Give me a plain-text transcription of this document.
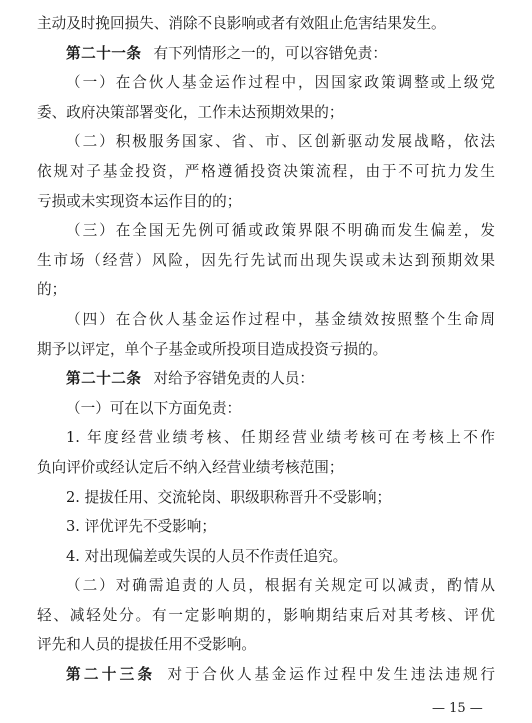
主动及时挽回损失、消除不良影响或者有效阻止危害结果发生。
第二十一条 有下列情形之一的，可以容错免责：
（一）在合伙人基金运作过程中，因国家政策调整或上级党
委、政府决策部署变化，工作未达预期效果的；
（二）积极服务国家、省、市、区创新驱动发展战略，依法
依规对子基金投资，严格遵循投资决策流程，由于不可抗力发生
亏损或未实现资本运作目的的；
（三）在全国无先例可循或政策界限不明确而发生偏差，发
生市场（经营）风险，因先行先试而出现失误或未达到预期效果
的；
（四）在合伙人基金运作过程中，基金绩效按照整个生命周
期予以评定，单个子基金或所投项目造成投资亏损的。
第二十二条 对给予容错免责的人员：
（一）可在以下方面免责：
1. 年度经营业绩考核、任期经营业绩考核可在考核上不作
负向评价或经认定后不纳入经营业绩考核范围；
2. 提拔任用、交流轮岗、职级职称晋升不受影响；
3. 评优评先不受影响；
4. 对出现偏差或失误的人员不作责任追究。
（二）对确需追责的人员，根据有关规定可以减责，酌情从
轻、减轻处分。有一定影响期的，影响期结束后对其考核、评优
评先和人员的提拔任用不受影响。
第二十三条 对于合伙人基金运作过程中发生违法违规行
— 15 —
